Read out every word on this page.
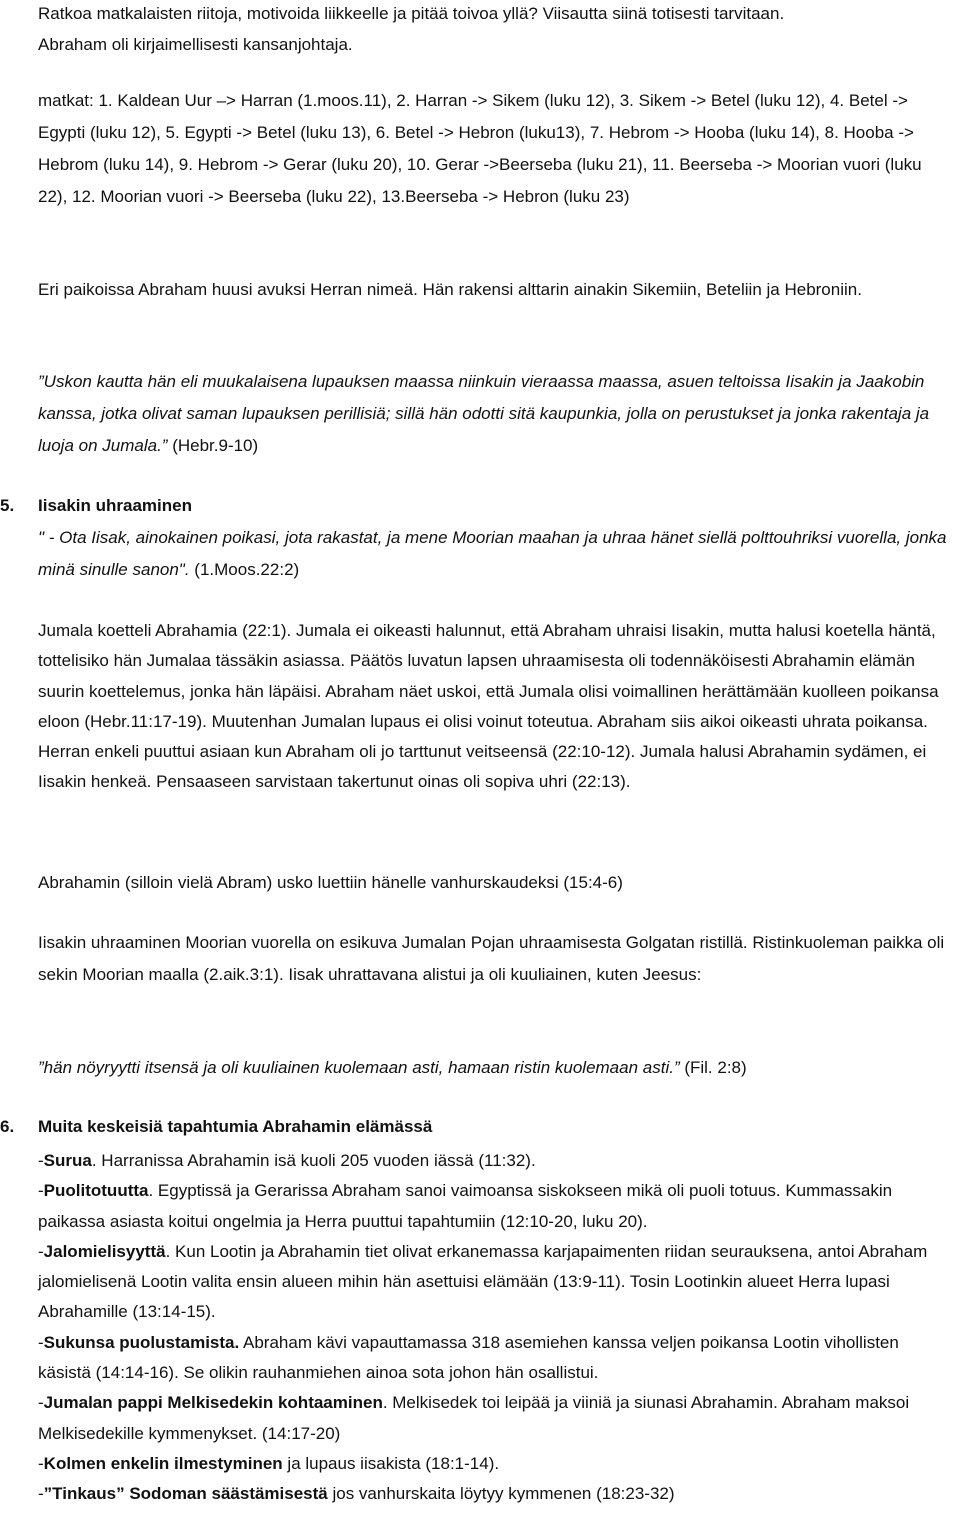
Ratkoa matkalaisten riitoja, motivoida liikkeelle ja pitää toivoa yllä? Viisautta siinä totisesti tarvitaan.
Abraham oli kirjaimellisesti kansanjohtaja.

matkat: 1. Kaldean Uur –> Harran (1.moos.11), 2. Harran -> Sikem (luku 12), 3. Sikem -> Betel (luku 12), 4. Betel -> Egypti (luku 12), 5. Egypti -> Betel (luku 13), 6. Betel -> Hebron (luku13), 7. Hebrom -> Hooba (luku 14), 8. Hooba -> Hebrom (luku 14), 9. Hebrom -> Gerar (luku 20), 10. Gerar ->Beerseba (luku 21), 11. Beerseba -> Moorian vuori (luku 22), 12. Moorian vuori -> Beerseba (luku 22), 13.Beerseba -> Hebron (luku 23)

Eri paikoissa Abraham huusi avuksi Herran nimeä. Hän rakensi alttarin ainakin Sikemiin, Beteliin ja Hebroniin.

”Uskon kautta hän eli muukalaisena lupauksen maassa niinkuin vieraassa maassa, asuen teltoissa Iisakin ja Jaakobin kanssa, jotka olivat saman lupauksen perillisiä; sillä hän odotti sitä kaupunkia, jolla on perustukset ja jonka rakentaja ja luoja on Jumala.” (Hebr.9-10)

5. Iisakin uhraaminen

" - Ota Iisak, ainokainen poikasi, jota rakastat, ja mene Moorian maahan ja uhraa hänet siellä polttouhriksi vuorella, jonka minä sinulle sanon". (1.Moos.22:2)

Jumala koetteli Abrahamia (22:1). Jumala ei oikeasti halunnut, että Abraham uhraisi Iisakin, mutta halusi koetella häntä, tottelisiko hän Jumalaa tässäkin asiassa. Päätös luvatun lapsen uhraamisesta oli todennäköisesti Abrahamin elämän suurin koettelemus, jonka hän läpäisi. Abraham näet uskoi, että Jumala olisi voimallinen herättämään kuolleen poikansa eloon (Hebr.11:17-19). Muutenhan Jumalan lupaus ei olisi voinut toteutua. Abraham siis aikoi oikeasti uhrata poikansa. Herran enkeli puuttui asiaan kun Abraham oli jo tarttunut veitseensä (22:10-12). Jumala halusi Abrahamin sydämen, ei Iisakin henkeä. Pensaaseen sarvistaan takertunut oinas oli sopiva uhri (22:13).

Abrahamin (silloin vielä Abram) usko luettiin hänelle vanhurskaudeksi (15:4-6)

Iisakin uhraaminen Moorian vuorella on esikuva Jumalan Pojan uhraamisesta Golgatan ristillä. Ristinkuoleman paikka oli sekin Moorian maalla (2.aik.3:1). Iisak uhrattavana alistui ja oli kuuliainen, kuten Jeesus:

”hän nöyryytti itsensä ja oli kuuliainen kuolemaan asti, hamaan ristin kuolemaan asti.” (Fil. 2:8)

6. Muita keskeisiä tapahtumia Abrahamin elämässä
-Surua. Harranissa Abrahamin isä kuoli 205 vuoden iässä (11:32).
-Puolitotuutta. Egyptissä ja Gerarissa Abraham sanoi vaimoansa siskokseen mikä oli puoli totuus. Kummassakin paikassa asiasta koitui ongelmia ja Herra puuttui tapahtumiin (12:10-20, luku 20).
-Jalomielisyyttä. Kun Lootin ja Abrahamin tiet olivat erkanemassa karjapaimenten riidan seurauksena, antoi Abraham jalomielisenä Lootin valita ensin alueen mihin hän asettuisi elämään (13:9-11). Tosin Lootinkin alueet Herra lupasi Abrahamille (13:14-15).
-Sukunsa puolustamista. Abraham kävi vapauttamassa 318 asemiehen kanssa veljen poikansa Lootin vihollisten käsistä (14:14-16). Se olikin rauhanmiehen ainoa sota johon hän osallistui.
-Jumalan pappi Melkisedekin kohtaaminen. Melkisedek toi leipää ja viiniä ja siunasi Abrahamin. Abraham maksoi Melkisedekille kymmenykset. (14:17-20)
-Kolmen enkelin ilmestyminen ja lupaus iisakista (18:1-14).
-”Tinkaus” Sodoman säästämisestä jos vanhurskaita löytyy kymmenen (18:23-32)
